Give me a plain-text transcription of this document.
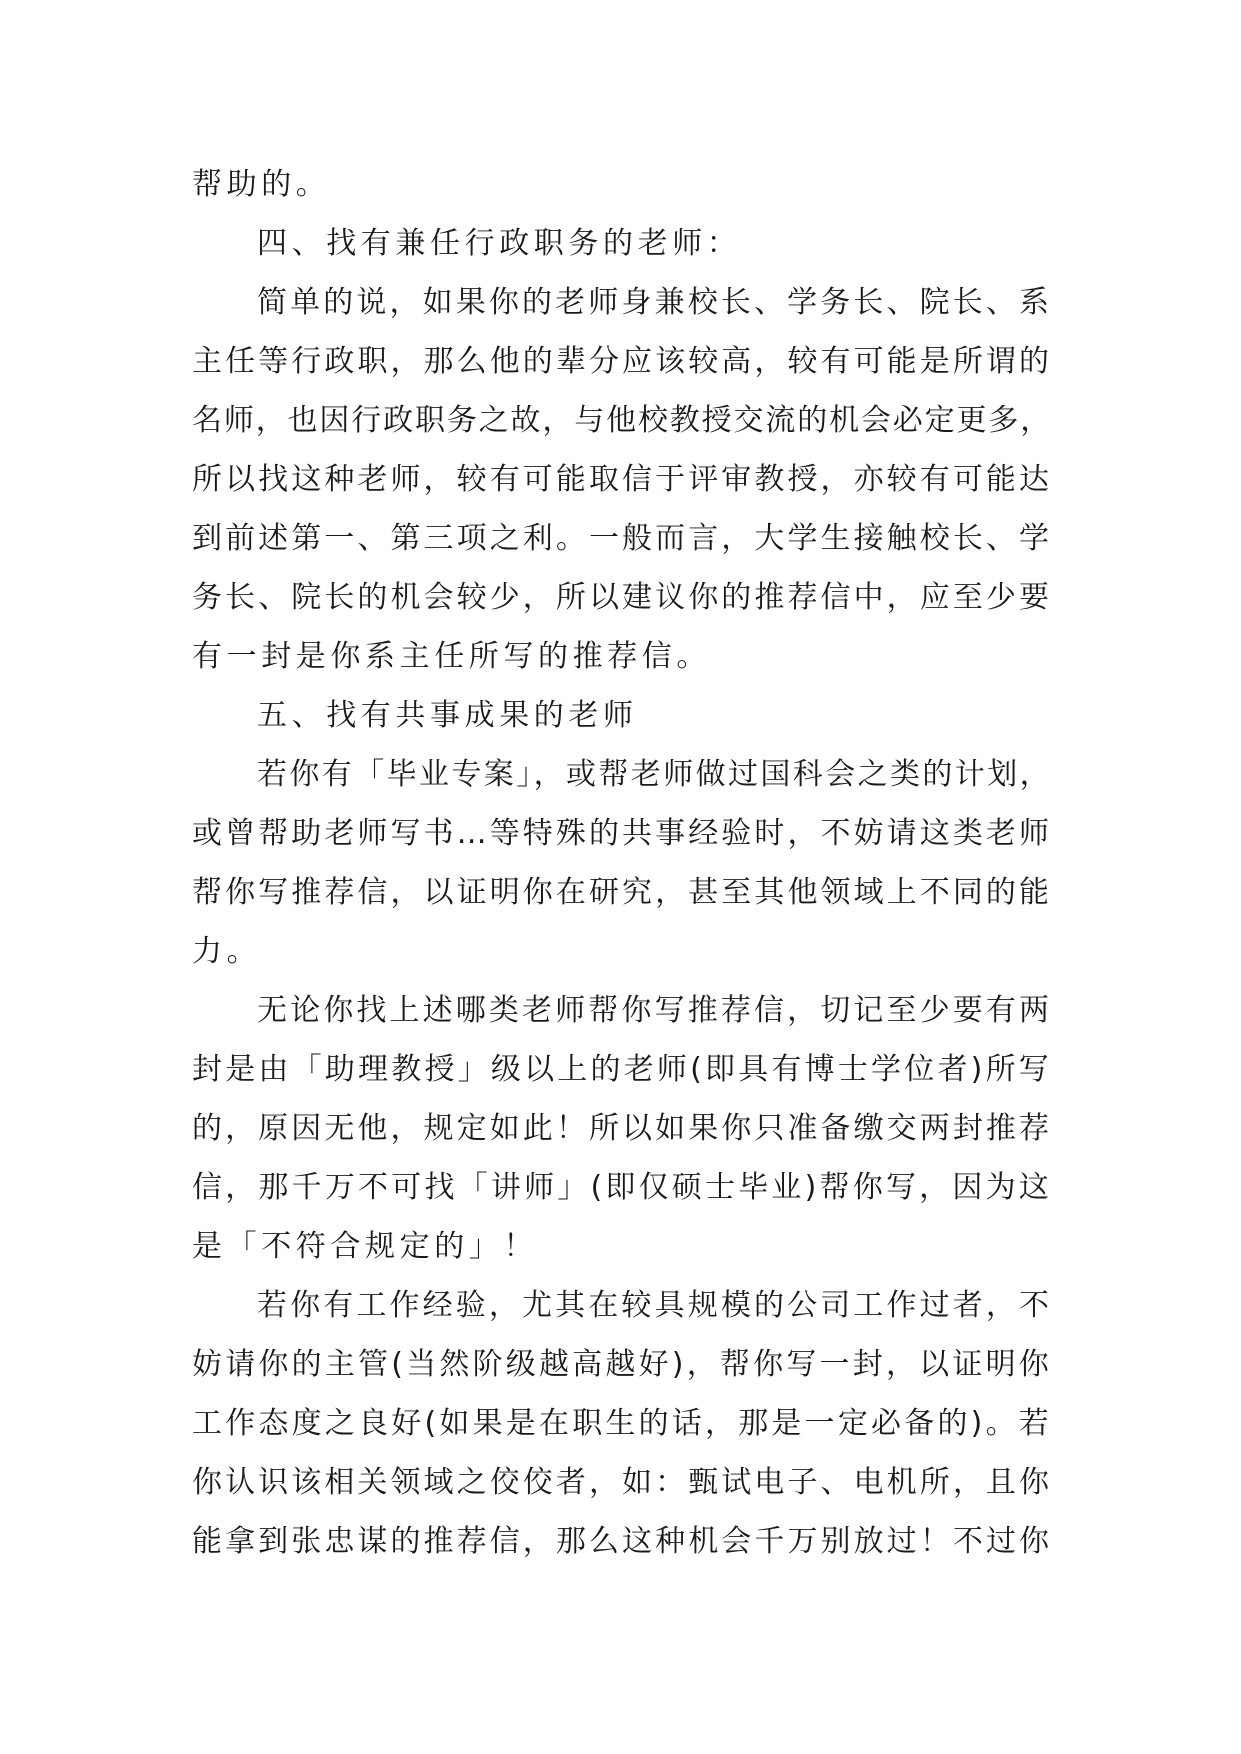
帮助的。
四、找有兼任行政职务的老师：
简单的说，如果你的老师身兼校长、学务长、院长、系
主任等行政职，那么他的辈分应该较高，较有可能是所谓的
名师，也因行政职务之故，与他校教授交流的机会必定更多，
所以找这种老师，较有可能取信于评审教授，亦较有可能达
到前述第一、第三项之利。一般而言，大学生接触校长、学
务长、院长的机会较少，所以建议你的推荐信中，应至少要
有一封是你系主任所写的推荐信。
五、找有共事成果的老师
若你有「毕业专案」，或帮老师做过国科会之类的计划，
或曾帮助老师写书…等特殊的共事经验时，不妨请这类老师
帮你写推荐信，以证明你在研究，甚至其他领域上不同的能
力。
无论你找上述哪类老师帮你写推荐信，切记至少要有两
封是由「助理教授」级以上的老师(即具有博士学位者)所写
的，原因无他，规定如此！所以如果你只准备缴交两封推荐
信，那千万不可找「讲师」(即仅硕士毕业)帮你写，因为这
是「不符合规定的」！
若你有工作经验，尤其在较具规模的公司工作过者，不
妨请你的主管(当然阶级越高越好)，帮你写一封，以证明你
工作态度之良好(如果是在职生的话，那是一定必备的)。若
你认识该相关领域之佼佼者，如：甄试电子、电机所，且你
能拿到张忠谋的推荐信，那么这种机会千万别放过！不过你
